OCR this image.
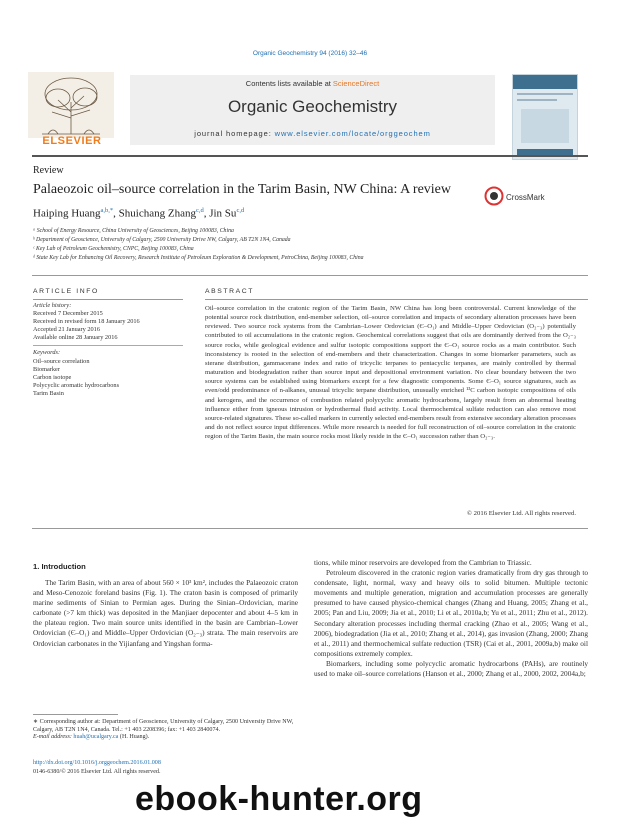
Organic Geochemistry 94 (2016) 32–46
ELSEVIER
Contents lists available at ScienceDirect
Organic Geochemistry
journal homepage: www.elsevier.com/locate/orggeochem
Review
Palaeozoic oil–source correlation in the Tarim Basin, NW China: A review
CrossMark
Haiping Huang$^{a,b,*}$, Shuichang Zhang$^{c,d}$, Jin Su$^{c,d}$
ᵃ School of Energy Resource, China University of Geosciences, Beijing 100083, China
ᵇ Department of Geoscience, University of Calgary, 2500 University Drive NW, Calgary, AB T2N 1N4, Canada
ᶜ Key Lab of Petroleum Geochemistry, CNPC, Beijing 100083, China
ᵈ State Key Lab for Enhancing Oil Recovery, Research Institute of Petroleum Exploration & Development, PetroChina, Beijing 100083, China
ARTICLE INFO
Article history:
Received 7 December 2015
Received in revised form 18 January 2016
Accepted 21 January 2016
Available online 28 January 2016
Keywords:
Oil–source correlation
Biomarker
Carbon isotope
Polycyclic aromatic hydrocarbons
Tarim Basin
ABSTRACT
Oil–source correlation in the cratonic region of the Tarim Basin, NW China has long been controversial. Current knowledge of the potential source rock distribution, end-member selection, oil–source correlation and impacts of secondary alteration processes have been reviewed. Two source rock systems from the Cambrian–Lower Ordovician (Є–O₁) and Middle–Upper Ordovician (O₂₋₃) potentially contributed to oil accumulations in the cratonic region. Geochemical correlations suggest that oils are dominantly derived from the O₂₋₃ source rocks, while geological evidence and sulfur isotopic compositions support the Є–O₁ source rocks as a main contributor. Such inconsistency is rooted in the selection of end-members and their characterization. Changes in some biomarker parameters, such as sterane distribution, gammacerane index and ratio of tricyclic terpanes to pentacyclic terpanes, are mainly controlled by thermal maturation and biodegradation rather than source input and depositional environment variation. No clear boundary between the two source systems can be established using biomarkers except for a few diagnostic components. Some Є–O₁ source signatures, such as even/odd predominance of n-alkanes, unusual tricyclic terpane distribution, unusually enriched ¹³C carbon isotopic compositions of oils and kerogens, and the occurrence of combustion related polycyclic aromatic hydrocarbons, largely result from an abnormal heating influence either from igneous intrusion or hydrothermal fluid activity. Local thermochemical sulfate reduction can also remove most source-related signatures. These so-called markers in currently selected end-members result from extensive secondary alteration processes and do not reflect source input differences. While more research is needed for full reconstruction of oil–source correlation in the cratonic region of the Tarim Basin, the main source rocks most likely reside in the Є–O₁ succession rather than O₂₋₃.
© 2016 Elsevier Ltd. All rights reserved.
1. Introduction
The Tarim Basin, with an area of about 560 × 10³ km², includes the Palaeozoic craton and Meso-Cenozoic foreland basins (Fig. 1). The craton basin is composed of primarily marine sediments of Sinian to Permian ages. During the Sinian–Ordovician, marine carbonate (>7 km thick) was deposited in the Manjiaer depocenter and about 4–5 km in the plateau region. Two main source units identified in the basin are Cambrian–Lower Ordovician (Є–O₁) and Middle–Upper Ordovician (O₂₋₃) strata. The main reservoirs are Ordovician carbonates in the Yijianfang and Yingshan forma-

tions, while minor reservoirs are developed from the Cambrian to Triassic.

Petroleum discovered in the cratonic region varies dramatically from dry gas through to condensate, light, normal, waxy and heavy oils to solid bitumen. Multiple tectonic movements and multiple generation, migration and accumulation processes are generally presumed to have caused physico-chemical changes (Zhang and Huang, 2005; Zhang et al., 2005; Pan and Liu, 2009; Jia et al., 2010; Li et al., 2010a,b; Yu et al., 2011; Zhu et al., 2012). Secondary alteration processes including thermal cracking (Zhao et al., 2005; Wang et al., 2006), biodegradation (Jia et al., 2010; Zhang et al., 2014), gas invasion (Zhang, 2000; Zhang et al., 2011) and thermochemical sulfate reduction (TSR) (Cai et al., 2001, 2009a,b) make oil compositions extremely complex.

Biomarkers, including some polycyclic aromatic hydrocarbons (PAHs), are routinely used to make oil–source correlations (Hanson et al., 2000; Zhang et al., 2000, 2002, 2004a,b;

∗ Corresponding author at: Department of Geoscience, University of Calgary, 2500 University Drive NW, Calgary, AB T2N 1N4, Canada. Tel.: +1 403 2208396; fax: +1 403 2840074.
E-mail address: huah@ucalgary.ca (H. Huang).
http://dx.doi.org/10.1016/j.orggeochem.2016.01.008
0146-6380/© 2016 Elsevier Ltd. All rights reserved.
ebook-hunter.org
